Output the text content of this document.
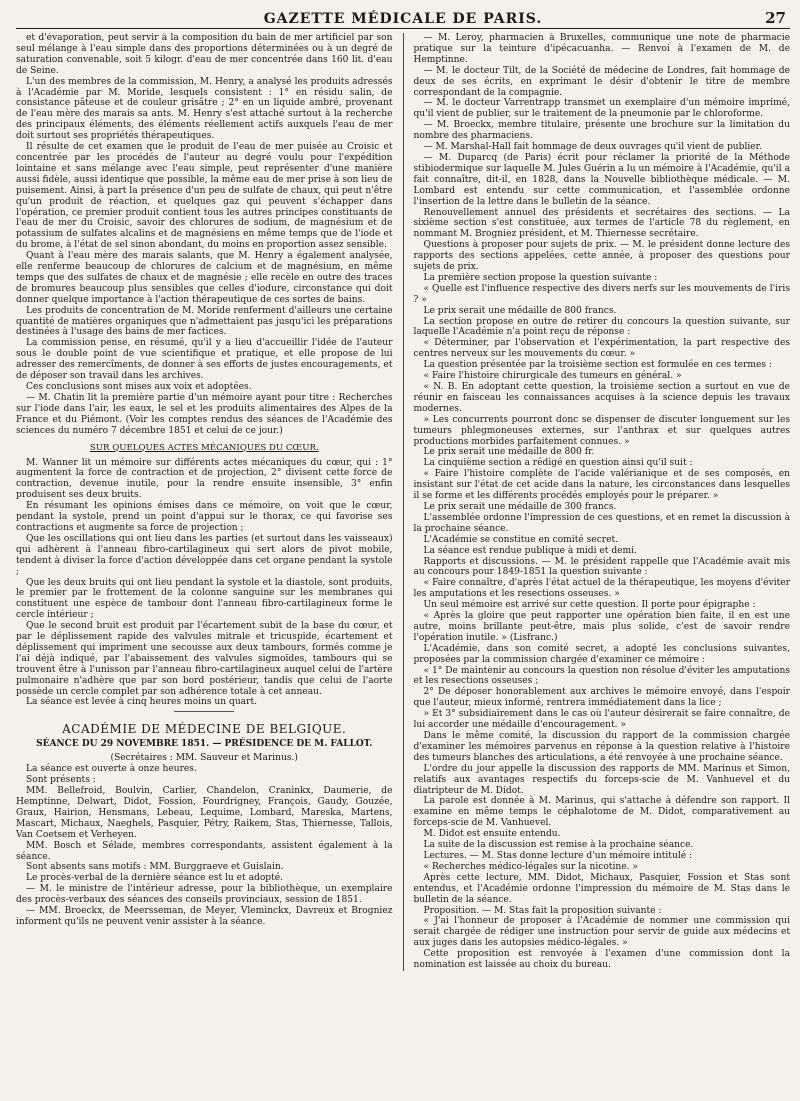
GAZETTE MÉDICALE DE PARIS.	27

et d'évaporation, peut servir à la composition du bain de mer artificiel par son seul mélange à l'eau simple dans des proportions déterminées ou à un degré de saturation convenable, soit 5 kilogr. d'eau de mer concentrée dans 160 lit. d'eau de Seine.

L'un des membres de la commission, M. Henry, a analysé les produits adressés à l'Académie par M. Moride, lesquels consistent : 1° en résidu salin, de consistance pâteuse et de couleur grisâtre ; 2° en un liquide ambré, provenant de l'eau mère des marais sa ants. M. Henry s'est attaché surtout à la recherche des principaux éléments, des éléments réellement actifs auxquels l'eau de mer doit surtout ses propriétés thérapeutiques.

Il résulte de cet examen que le produit de l'eau de mer puisée au Croisic et concentrée par les procédés de l'auteur au degré voulu pour l'expédition lointaine et sans mélange avec l'eau simple, peut représenter d'une manière aussi fidèle, aussi identique que possible, la même eau de mer prise à son lieu de puisement. Ainsi, à part la présence d'un peu de sulfate de chaux, qui peut n'être qu'un produit de réaction, et quelques gaz qui peuvent s'échapper dans l'opération, ce premier produit contient tous les autres principes constituants de l'eau de mer du Croisic, savoir des chlorures de sodium, de magnésium et de potassium de sulfates alcalins et de magnésiens en même temps que de l'iode et du brome, à l'état de sel sinon abondant, du moins en proportion assez sensible.

Quant à l'eau mère des marais salants, que M. Henry a également analysée, elle renferme beaucoup de chlorures de calcium et de magnésium, en même temps que des sulfates de chaux et de magnésie ; elle recèle en outre des traces de bromures beaucoup plus sensibles que celles d'iodure, circonstance qui doit donner quelque importance à l'action thérapeutique de ces sortes de bains.

Les produits de concentration de M. Moride renferment d'ailleurs une certaine quantité de matières organiques que n'admettaient pas jusqu'ici les préparations destinées à l'usage des bains de mer factices.

La commission pense, en résumé, qu'il y a lieu d'accueillir l'idée de l'auteur sous le double point de vue scientifique et pratique, et elle propose de lui adresser des remercîments, de donner à ses efforts de justes encouragements, et de déposer son travail dans les archives.

Ces conclusions sont mises aux voix et adoptées.

— M. Chatin lit la première partie d'un mémoire ayant pour titre : Recherches sur l'iode dans l'air, les eaux, le sel et les produits alimentaires des Alpes de la France et du Piémont. (Voir les comptes rendus des séances de l'Académie des sciences du numéro 7 décembre 1851 et celui de ce jour.)

SUR QUELQUES ACTES MÉCANIQUES DU CŒUR.

M. Wanner lit un mémoire sur différents actes mécaniques du cœur, qui : 1° augmentent la force de contraction et de projection, 2° divisent cette force de contraction, devenue inutile, pour la rendre ensuite insensible, 3° enfin produisent ses deux bruits.

En résumant les opinions émises dans ce mémoire, on voit que le cœur, pendant la systole, prend un point d'appui sur le thorax, ce qui favorise ses contractions et augmente sa force de projection ;

Que les oscillations qui ont lieu dans les parties (et surtout dans les vaisseaux) qui adhèrent à l'anneau fibro-cartilagineux qui sert alors de pivot mobile, tendent à diviser la force d'action développée dans cet organe pendant la systole ;

Que les deux bruits qui ont lieu pendant la systole et la diastole, sont produits, le premier par le frottement de la colonne sanguine sur les membranes qui constituent une espèce de tambour dont l'anneau fibro-cartilagineux forme le cercle intérieur ;

Que le second bruit est produit par l'écartement subit de la base du cœur, et par le déplissement rapide des valvules mitrale et tricuspide, écartement et déplissement qui impriment une secousse aux deux tambours, formés comme je l'ai déjà indiqué, par l'abaissement des valvules sigmoïdes, tambours qui se trouvent être à l'unisson par l'anneau fibro-cartilagineux auquel celui de l'artère pulmonaire n'adhère que par son bord postérieur, tandis que celui de l'aorte possède un cercle complet par son adhérence totale à cet anneau.

La séance est levée à cinq heures moins un quart.

ACADÉMIE DE MÉDECINE DE BELGIQUE.
SÉANCE DU 29 NOVEMBRE 1851. — PRÉSIDENCE DE M. FALLOT.

(Secrétaires : MM. Sauveur et Marinus.)

La séance est ouverte à onze heures.

Sont présents :

MM. Bellefroid, Boulvin, Carlier, Chandelon, Craninkx, Daumerie, de Hemptinne, Delwart, Didot, Fossion, Fourdrigney, François, Gaudy, Gouzée, Graux, Hairion, Hensmans, Lebeau, Lequime, Lombard, Mareska, Martens, Mascart, Michaux, Naeghels, Pasquier, Pétry, Raikem, Stas, Thiernesse, Tallois, Van Coetsem et Verheyen.

MM. Bosch et Sélade, membres correspondants, assistent également à la séance.

Sont absents sans motifs : MM. Burggraeve et Guislain.

Le procès-verbal de la dernière séance est lu et adopté.

— M. le ministre de l'intérieur adresse, pour la bibliothèque, un exemplaire des procès-verbaux des séances des conseils provinciaux, session de 1851.

— MM. Broeckx, de Meersseman, de Meyer, Vleminckx, Davreux et Brogniez informent qu'ils ne peuvent venir assister à la séance.

— M. Leroy, pharmacien à Bruxelles, communique une note de pharmacie pratique sur la teinture d'ipécacuanha. — Renvoi à l'examen de M. de Hemptinne.

— M. le docteur Tilt, de la Société de médecine de Londres, fait hommage de deux de ses écrits, en exprimant le désir d'obtenir le titre de membre correspondant de la compagnie.

— M. le docteur Varrentrapp transmet un exemplaire d'un mémoire imprimé, qu'il vient de publier, sur le traitement de la pneumonie par le chloroforme.

— M. Broeckx, membre titulaire, présente une brochure sur la limitation du nombre des pharmaciens.

— M. Marshal-Hall fait hommage de deux ouvrages qu'il vient de publier.

— M. Duparcq (de Paris) écrit pour réclamer la priorité de la Méthode stibiodermique sur laquelle M. Jules Guérin a lu un mémoire à l'Académie, qu'il a fait connaître, dit-il, en 1828, dans la Nouvelle bibliothèque médicale. — M. Lombard est entendu sur cette communication, et l'assemblée ordonne l'insertion de la lettre dans le bulletin de la séance.

Renouvellement annuel des présidents et secrétaires des sections. — La sixième section s'est constituée, aux termes de l'article 78 du règlement, en nommant M. Brogniez président, et M. Thiernesse secrétaire.

Questions à proposer pour sujets de prix. — M. le président donne lecture des rapports des sections appelées, cette année, à proposer des questions pour sujets de prix.

La première section propose la question suivante :

« Quelle est l'influence respective des divers nerfs sur les mouvements de l'iris ? »

Le prix serait une médaille de 800 francs.

La section propose en outre de retirer du concours la question suivante, sur laquelle l'Académie n'a point reçu de réponse :

« Déterminer, par l'observation et l'expérimentation, la part respective des centres nerveux sur les mouvements du cœur. »

La question présentée par la troisième section est formulée en ces termes :

« Faire l'histoire chirurgicale des tumeurs en général. »

« N. B. En adoptant cette question, la troisième section a surtout en vue de réunir en faisceau les connaissances acquises à la science depuis les travaux modernes.

» Les concurrents pourront donc se dispenser de discuter longuement sur les tumeurs phlegmoneuses externes, sur l'anthrax et sur quelques autres productions morbides parfaitement connues. »

Le prix serait une médaille de 800 fr.

La cinquième section a rédigé en question ainsi qu'il suit :

« Faire l'histoire complète de l'acide valérianique et de ses composés, en insistant sur l'état de cet acide dans la nature, les circonstances dans lesquelles il se forme et les différents procédés employés pour le préparer. »

Le prix serait une médaille de 300 francs.

L'assemblée ordonne l'impression de ces questions, et en remet la discussion à la prochaine séance.

L'Académie se constitue en comité secret.

La séance est rendue publique à midi et demi.

Rapports et discussions. — M. le président rappelle que l'Académie avait mis au concours pour 1849-1851 la question suivante :

« Faire connaître, d'après l'état actuel de la thérapeutique, les moyens d'éviter les amputations et les resections osseuses. »

Un seul mémoire est arrivé sur cette question. Il porte pour épigraphe :

« Après la gloire que peut rapporter une opération bien faite, il en est une autre, moins brillante peut-être, mais plus solide, c'est de savoir rendre l'opération inutile. » (Lisfranc.)

L'Académie, dans son comité secret, a adopté les conclusions suivantes, proposées par la commission chargée d'examiner ce mémoire :

« 1° De maintenir au concours la question non résolue d'éviter les amputations et les resections osseuses ;

2° De déposer honorablement aux archives le mémoire envoyé, dans l'espoir que l'auteur, mieux informé, rentrera immédiatement dans la lice ;

» Et 3° subsidiairement dans le cas où l'auteur désirerait se faire connaître, de lui accorder une médaille d'encouragement. »

Dans le même comité, la discussion du rapport de la commission chargée d'examiner les mémoires parvenus en réponse à la question relative à l'histoire des tumeurs blanches des articulations, a été renvoyée à une prochaine séance.

L'ordre du jour appelle la discussion des rapports de MM. Marinus et Simon, relatifs aux avantages respectifs du forceps-scie de M. Vanhuevel et du diatripteur de M. Didot.

La parole est donnée à M. Marinus, qui s'attache à défendre son rapport. Il examine en même temps le céphalotome de M. Didot, comparativement au forceps-scie de M. Vanhuevel.

M. Didot est ensuite entendu.

La suite de la discussion est remise à la prochaine séance.

Lectures. — M. Stas donne lecture d'un mémoire intitulé :

« Recherches médico-légales sur la nicotine. »

Après cette lecture, MM. Didot, Michaux, Pasquier, Fossion et Stas sont entendus, et l'Académie ordonne l'impression du mémoire de M. Stas dans le bulletin de la séance.

Proposition. — M. Stas fait la proposition suivante :

« J'ai l'honneur de proposer à l'Académie de nommer une commission qui serait chargée de rédiger une instruction pour servir de guide aux médecins et aux juges dans les autopsies médico-légales. »

Cette proposition est renvoyée à l'examen d'une commission dont la nomination est laissée au choix du bureau.
